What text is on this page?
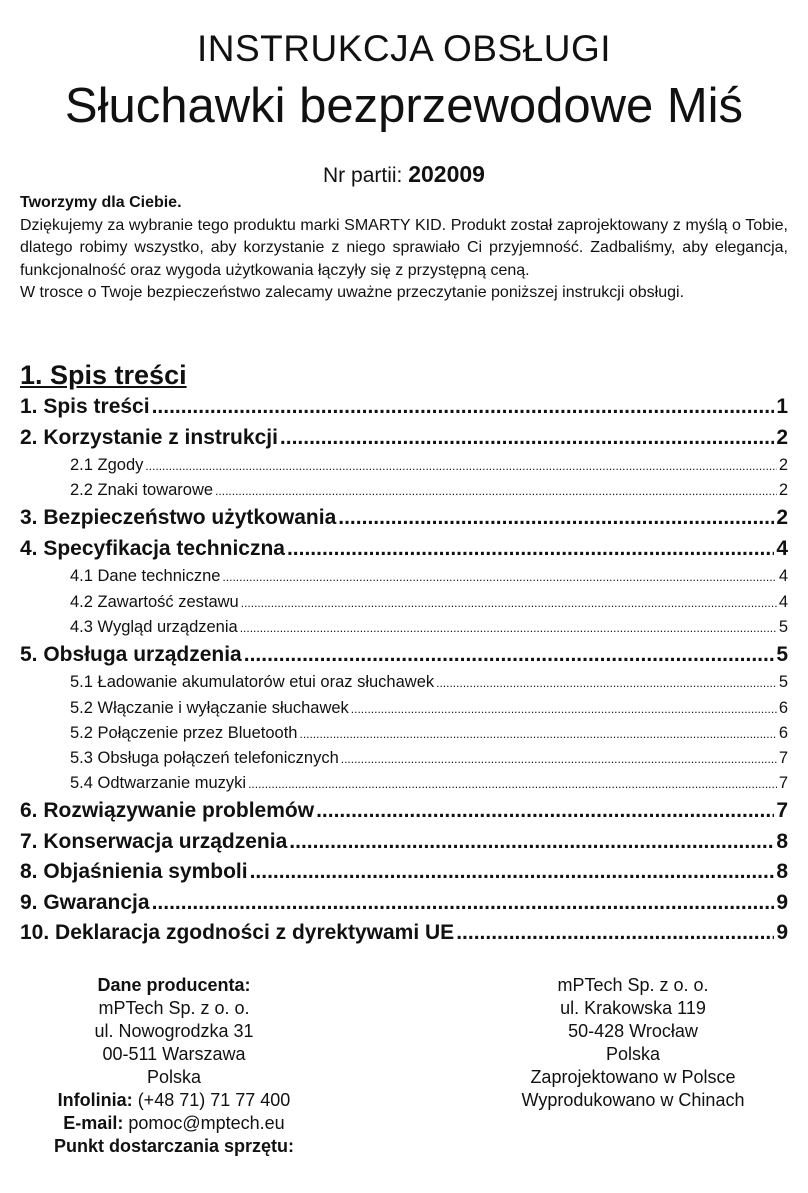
INSTRUKCJA OBSŁUGI
Słuchawki bezprzewodowe Miś
Nr partii: 202009

Tworzymy dla Ciebie.

Dziękujemy za wybranie tego produktu marki SMARTY KID. Produkt został zaprojektowany z myślą o Tobie, dlatego robimy wszystko, aby korzystanie z niego sprawiało Ci przyjemność. Zadbaliśmy, aby elegancja, funkcjonalność oraz wygoda użytkowania łączyły się z przystępną ceną.

W trosce o Twoje bezpieczeństwo zalecamy uważne przeczytanie poniższej instrukcji obsługi.

1. Spis treści
1. Spis treści .....	1
2. Korzystanie z instrukcji .....	2
2.1 Zgody .....	2
2.2 Znaki towarowe .....	2
3. Bezpieczeństwo użytkowania .....	2
4. Specyfikacja techniczna .....	4
4.1 Dane techniczne .....	4
4.2 Zawartość zestawu .....	4
4.3 Wygląd urządzenia .....	5
5. Obsługa urządzenia .....	5
5.1 Ładowanie akumulatorów etui oraz słuchawek .....	5
5.2 Włączanie i wyłączanie słuchawek .....	6
5.2 Połączenie przez Bluetooth .....	6
5.3 Obsługa połączeń telefonicznych .....	7
5.4 Odtwarzanie muzyki .....	7
6. Rozwiązywanie problemów .....	7
7. Konserwacja urządzenia .....	8
8. Objaśnienia symboli .....	8
9. Gwarancja .....	9
10. Deklaracja zgodności z dyrektywami UE .....	9
Dane producenta:
mPTech Sp. z o. o.
ul. Nowogrodzka 31
00-511 Warszawa
Polska
Infolinia: (+48 71) 71 77 400
E-mail: pomoc@mptech.eu
Punkt dostarczania sprzętu:
mPTech Sp. z o. o.
ul. Krakowska 119
50-428 Wrocław
Polska
Zaprojektowano w Polsce
Wyprodukowano w Chinach
